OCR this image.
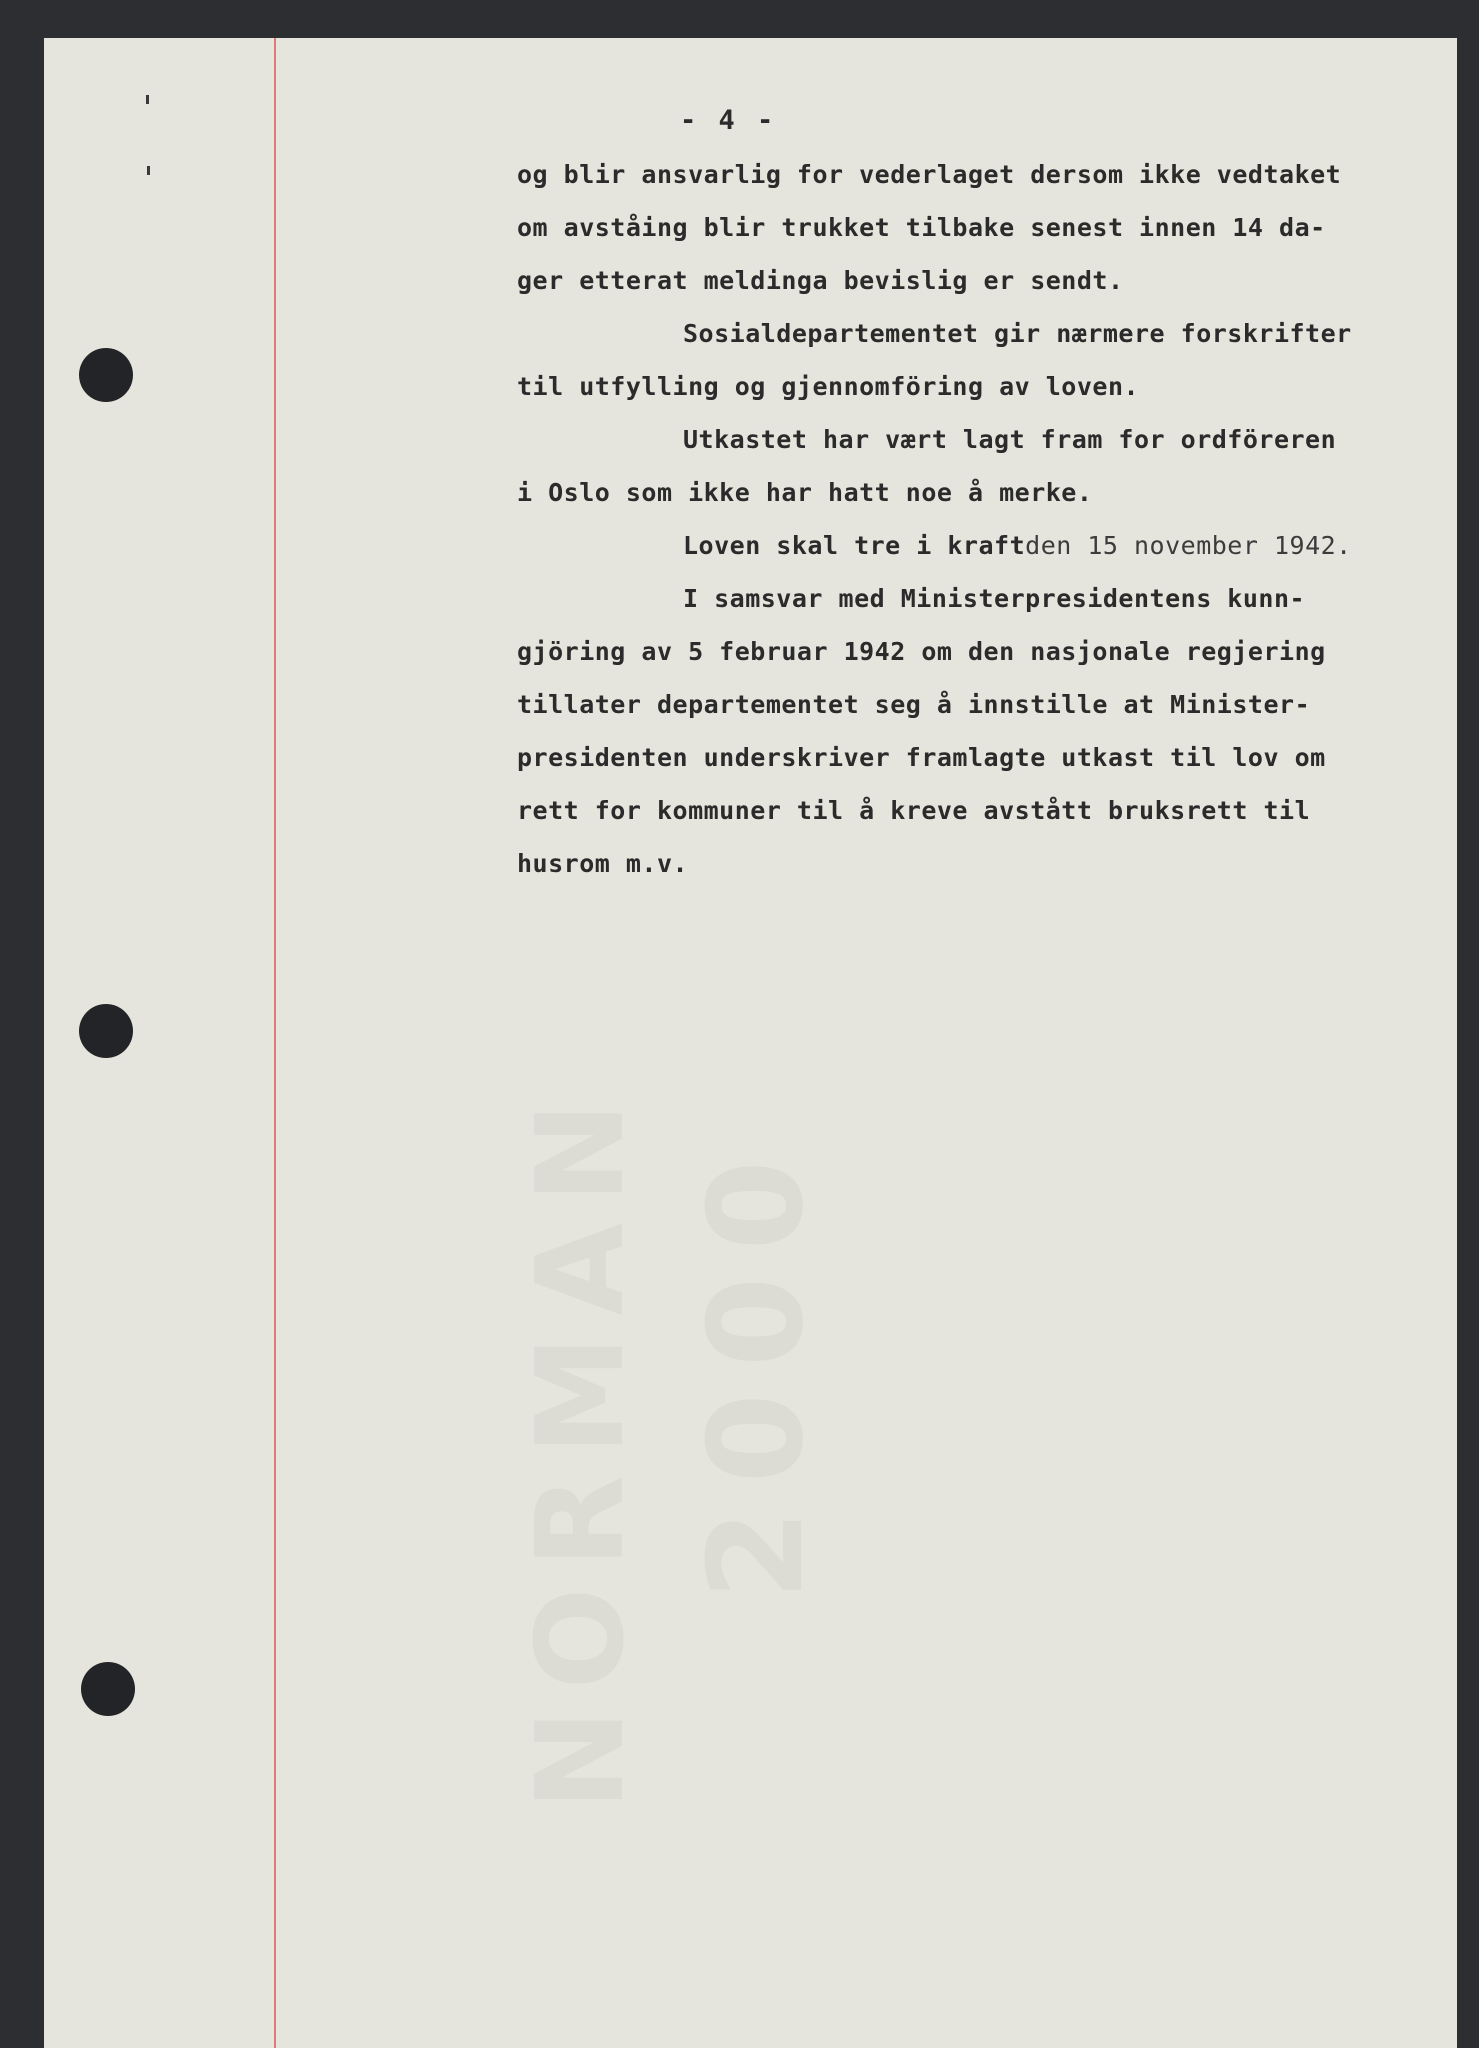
NORMAN 2000
- 4 -
og blir ansvarlig for vederlaget dersom ikke vedtaket
om avståing blir trukket tilbake senest innen 14 da-
ger etterat meldinga bevislig er sendt.
Sosialdepartementet gir nærmere forskrifter
til utfylling og gjennomföring av loven.
Utkastet har vært lagt fram for ordföreren
i Oslo som ikke har hatt noe å merke.
Loven skal tre i kraftden 15 november 1942.
I samsvar med Ministerpresidentens kunn-
gjöring av 5 februar 1942 om den nasjonale regjering
tillater departementet seg å innstille at Minister-
presidenten underskriver framlagte utkast til lov om
rett for kommuner til å kreve avstått bruksrett til
husrom m.v.
